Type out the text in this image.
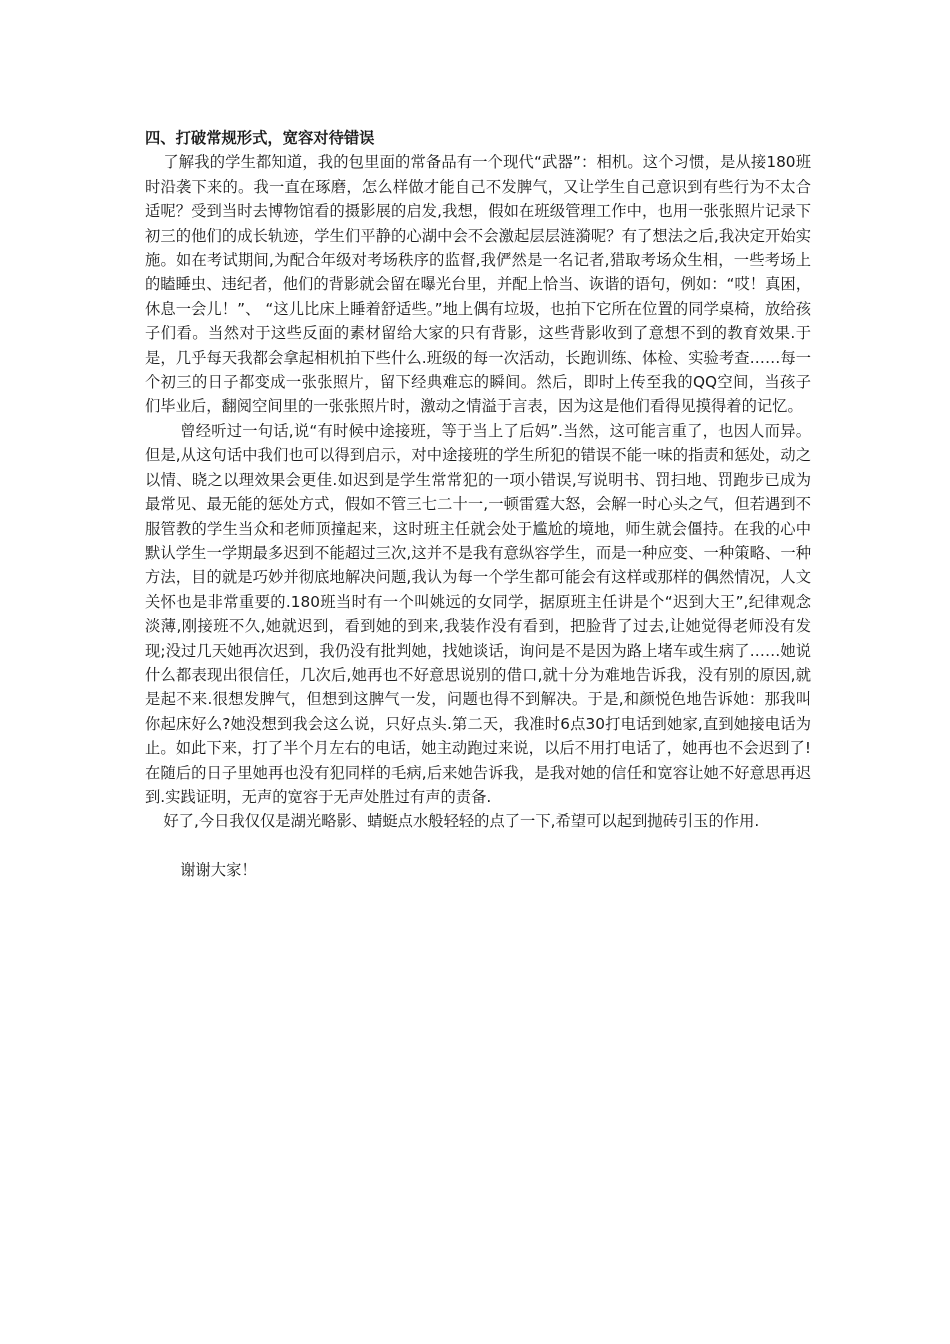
四、打破常规形式，宽容对待错误

了解我的学生都知道，我的包里面的常备品有一个现代“武器”：相机。这个习惯，是从接180班时沿袭下来的。我一直在琢磨，怎么样做才能自己不发脾气，又让学生自己意识到有些行为不太合适呢？受到当时去博物馆看的摄影展的启发,我想，假如在班级管理工作中，也用一张张照片记录下初三的他们的成长轨迹，学生们平静的心湖中会不会激起层层涟漪呢？有了想法之后,我决定开始实施。如在考试期间,为配合年级对考场秩序的监督,我俨然是一名记者,猎取考场众生相，一些考场上的瞌睡虫、违纪者，他们的背影就会留在曝光台里，并配上恰当、诙谐的语句，例如：“哎！真困，休息一会儿！”、 “这儿比床上睡着舒适些。”地上偶有垃圾，也拍下它所在位置的同学桌椅，放给孩子们看。当然对于这些反面的素材留给大家的只有背影，这些背影收到了意想不到的教育效果.于是，几乎每天我都会拿起相机拍下些什么.班级的每一次活动，长跑训练、体检、实验考查……每一个初三的日子都变成一张张照片，留下经典难忘的瞬间。然后，即时上传至我的QQ空间，当孩子们毕业后，翻阅空间里的一张张照片时，激动之情溢于言表，因为这是他们看得见摸得着的记忆。

曾经听过一句话,说“有时候中途接班，等于当上了后妈”.当然，这可能言重了，也因人而异。但是,从这句话中我们也可以得到启示，对中途接班的学生所犯的错误不能一味的指责和惩处，动之以情、晓之以理效果会更佳.如迟到是学生常常犯的一项小错误,写说明书、罚扫地、罚跑步已成为最常见、最无能的惩处方式，假如不管三七二十一,一顿雷霆大怒，会解一时心头之气，但若遇到不服管教的学生当众和老师顶撞起来，这时班主任就会处于尴尬的境地，师生就会僵持。在我的心中默认学生一学期最多迟到不能超过三次,这并不是我有意纵容学生，而是一种应变、一种策略、一种方法，目的就是巧妙并彻底地解决问题,我认为每一个学生都可能会有这样或那样的偶然情况，人文关怀也是非常重要的.180班当时有一个叫姚远的女同学，据原班主任讲是个“迟到大王”,纪律观念淡薄,刚接班不久,她就迟到，看到她的到来,我装作没有看到，把脸背了过去,让她觉得老师没有发现;没过几天她再次迟到，我仍没有批判她，找她谈话，询问是不是因为路上堵车或生病了……她说什么都表现出很信任，几次后,她再也不好意思说别的借口,就十分为难地告诉我，没有别的原因,就是起不来.很想发脾气，但想到这脾气一发，问题也得不到解决。于是,和颜悦色地告诉她：那我叫你起床好么?她没想到我会这么说，只好点头.第二天，我准时6点30打电话到她家,直到她接电话为止。如此下来，打了半个月左右的电话，她主动跑过来说，以后不用打电话了，她再也不会迟到了!在随后的日子里她再也没有犯同样的毛病,后来她告诉我，是我对她的信任和宽容让她不好意思再迟到.实践证明，无声的宽容于无声处胜过有声的责备.

好了,今日我仅仅是湖光略影、蜻蜓点水般轻轻的点了一下,希望可以起到抛砖引玉的作用.

谢谢大家！
